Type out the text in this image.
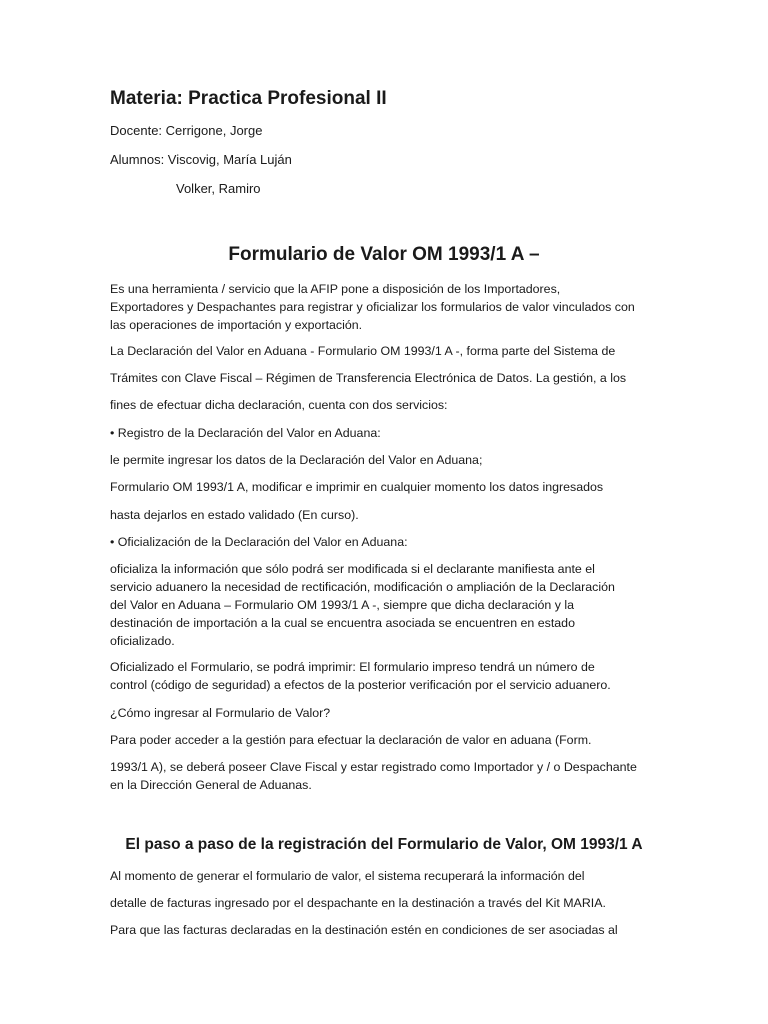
Materia: Practica Profesional II

Docente: Cerrigone, Jorge

Alumnos: Viscovig, María Luján

Volker, Ramiro

Formulario de Valor OM 1993/1 A –

Es una herramienta / servicio que la AFIP pone a disposición de los Importadores,
Exportadores y Despachantes para registrar y oficializar los formularios de valor vinculados con
las operaciones de importación y exportación.

La Declaración del Valor en Aduana - Formulario OM 1993/1 A -, forma parte del Sistema de

Trámites con Clave Fiscal – Régimen de Transferencia Electrónica de Datos. La gestión, a los

fines de efectuar dicha declaración, cuenta con dos servicios:

• Registro de la Declaración del Valor en Aduana:

le permite ingresar los datos de la Declaración del Valor en Aduana;

Formulario OM 1993/1 A, modificar e imprimir en cualquier momento los datos ingresados

hasta dejarlos en estado validado (En curso).

• Oficialización de la Declaración del Valor en Aduana:

oficializa la información que sólo podrá ser modificada si el declarante manifiesta ante el
servicio aduanero la necesidad de rectificación, modificación o ampliación de la Declaración
del Valor en Aduana – Formulario OM 1993/1 A -, siempre que dicha declaración y la
destinación de importación a la cual se encuentra asociada se encuentren en estado
oficializado.

Oficializado el Formulario, se podrá imprimir: El formulario impreso tendrá un número de
control (código de seguridad) a efectos de la posterior verificación por el servicio aduanero.

¿Cómo ingresar al Formulario de Valor?

Para poder acceder a la gestión para efectuar la declaración de valor en aduana (Form.

1993/1 A), se deberá poseer Clave Fiscal y estar registrado como Importador y / o Despachante
en la Dirección General de Aduanas.

El paso a paso de la registración del Formulario de Valor, OM 1993/1 A

Al momento de generar el formulario de valor, el sistema recuperará la información del

detalle de facturas ingresado por el despachante en la destinación a través del Kit MARIA.

Para que las facturas declaradas en la destinación estén en condiciones de ser asociadas al
